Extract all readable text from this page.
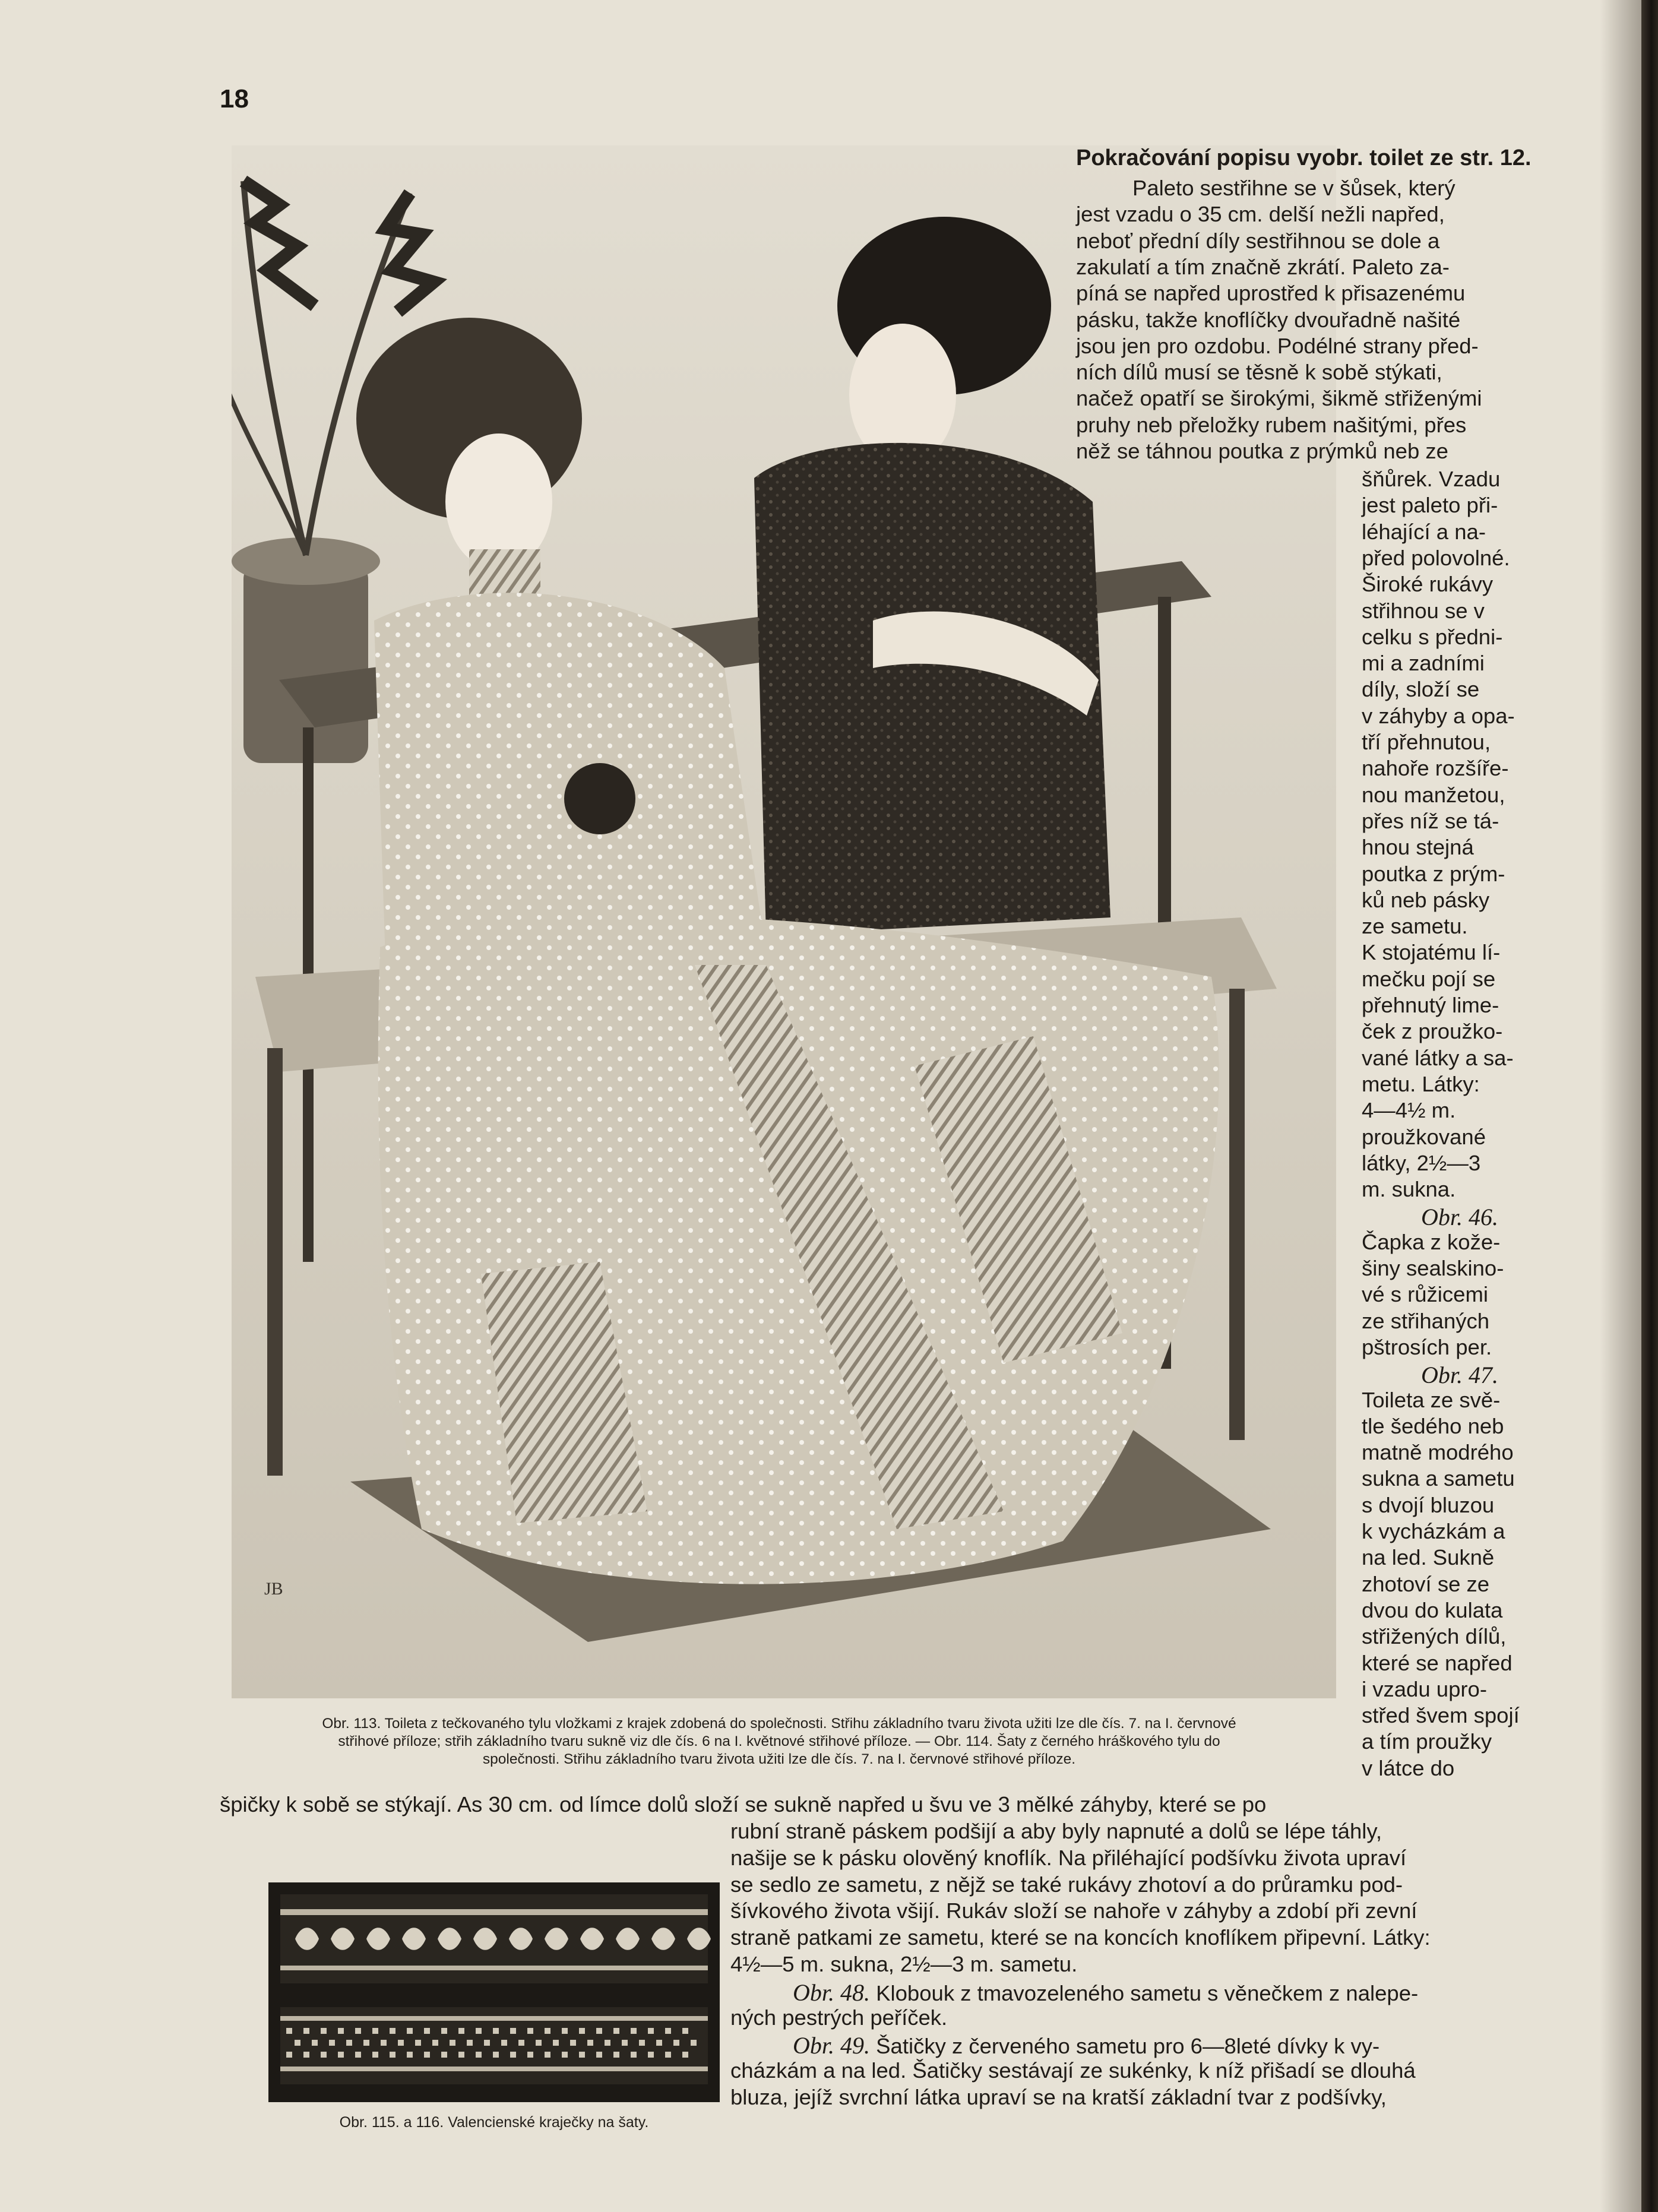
18
JB
Obr. 113. Toileta z tečkovaného tylu vložkami z krajek zdobená do společnosti. Střihu základního tvaru života užiti lze dle čís. 7. na I. červnové
střihové příloze; střih základního tvaru sukně viz dle čís. 6 na I. květnové střihové příloze. — Obr. 114. Šaty z černého hráškového tylu do
společnosti. Střihu základního tvaru života užiti lze dle čís. 7. na I. červnové střihové příloze.
Pokračování popisu vyobr. toilet ze str. 12.
Paleto sestřihne se v šůsek, který
jest vzadu o 35 cm. delší nežli napřed,
neboť přední díly sestřihnou se dole a
zakulatí a tím značně zkrátí. Paleto za-
píná se napřed uprostřed k přisazenému
pásku, takže knoflíčky dvouřadně našité
jsou jen pro ozdobu. Podélné strany před-
ních dílů musí se těsně k sobě stýkati,
načež opatří se širokými, šikmě střiženými
pruhy neb přeložky rubem našitými, přes
něž se táhnou poutka z prýmků neb ze
šňůrek. Vzadu
jest paleto při-
léhající a na-
před polovolné.
Široké rukávy
střihnou se v
celku s předni-
mi a zadními
díly, složí se
v záhyby a opa-
tří přehnutou,
nahoře rozšíře-
nou manžetou,
přes níž se tá-
hnou stejná
poutka z prým-
ků neb pásky
ze sametu.
K stojatému lí-
mečku pojí se
přehnutý limе-
ček z proužko-
vané látky a sa-
metu. Látky:
4—4½ m.
proužkované
látky, 2½—3
m. sukna.
Obr. 46.
Čapka z kože-
šiny sealskino-
vé s růžicemi
ze střihaných
pštrosích per.
Obr. 47.
Toileta ze svě-
tle šedého neb
matně modrého
sukna a sametu
s dvojí bluzou
k vycházkám a
na led. Sukně
zhotoví se ze
dvou do kulata
střižených dílů,
které se napřed
i vzadu upro-
střed švem spojí
a tím proužky
v látce do
špičky k sobě se stýkají. As 30 cm. od límce dolů složí se sukně napřed u švu ve 3 mělké záhyby, které se po
rubní straně páskem podšijí a aby byly napnuté a dolů se lépe táhly,
našije se k pásku olověný knoflík. Na přiléhající podšívku života upraví
se sedlo ze sametu, z nějž se také rukávy zhotoví a do průramku pod-
šívkového života všijí. Rukáv složí se nahoře v záhyby a zdobí při zevní
straně patkami ze sametu, které se na koncích knoflíkem připevní. Látky:
4½—5 m. sukna, 2½—3 m. sametu.
Obr. 48. Klobouk z tmavozeleného sametu s věnečkem z nalepe-
ných pestrých peříček.
Obr. 49. Šatičky z červeného sametu pro 6—8leté dívky k vy-
cházkám a na led. Šatičky sestávají ze sukénky, k níž přišadí se dlouhá
bluza, jejíž svrchní látka upraví se na kratší základní tvar z podšívky,
Obr. 115. a 116. Valencienské kraječky na šaty.
